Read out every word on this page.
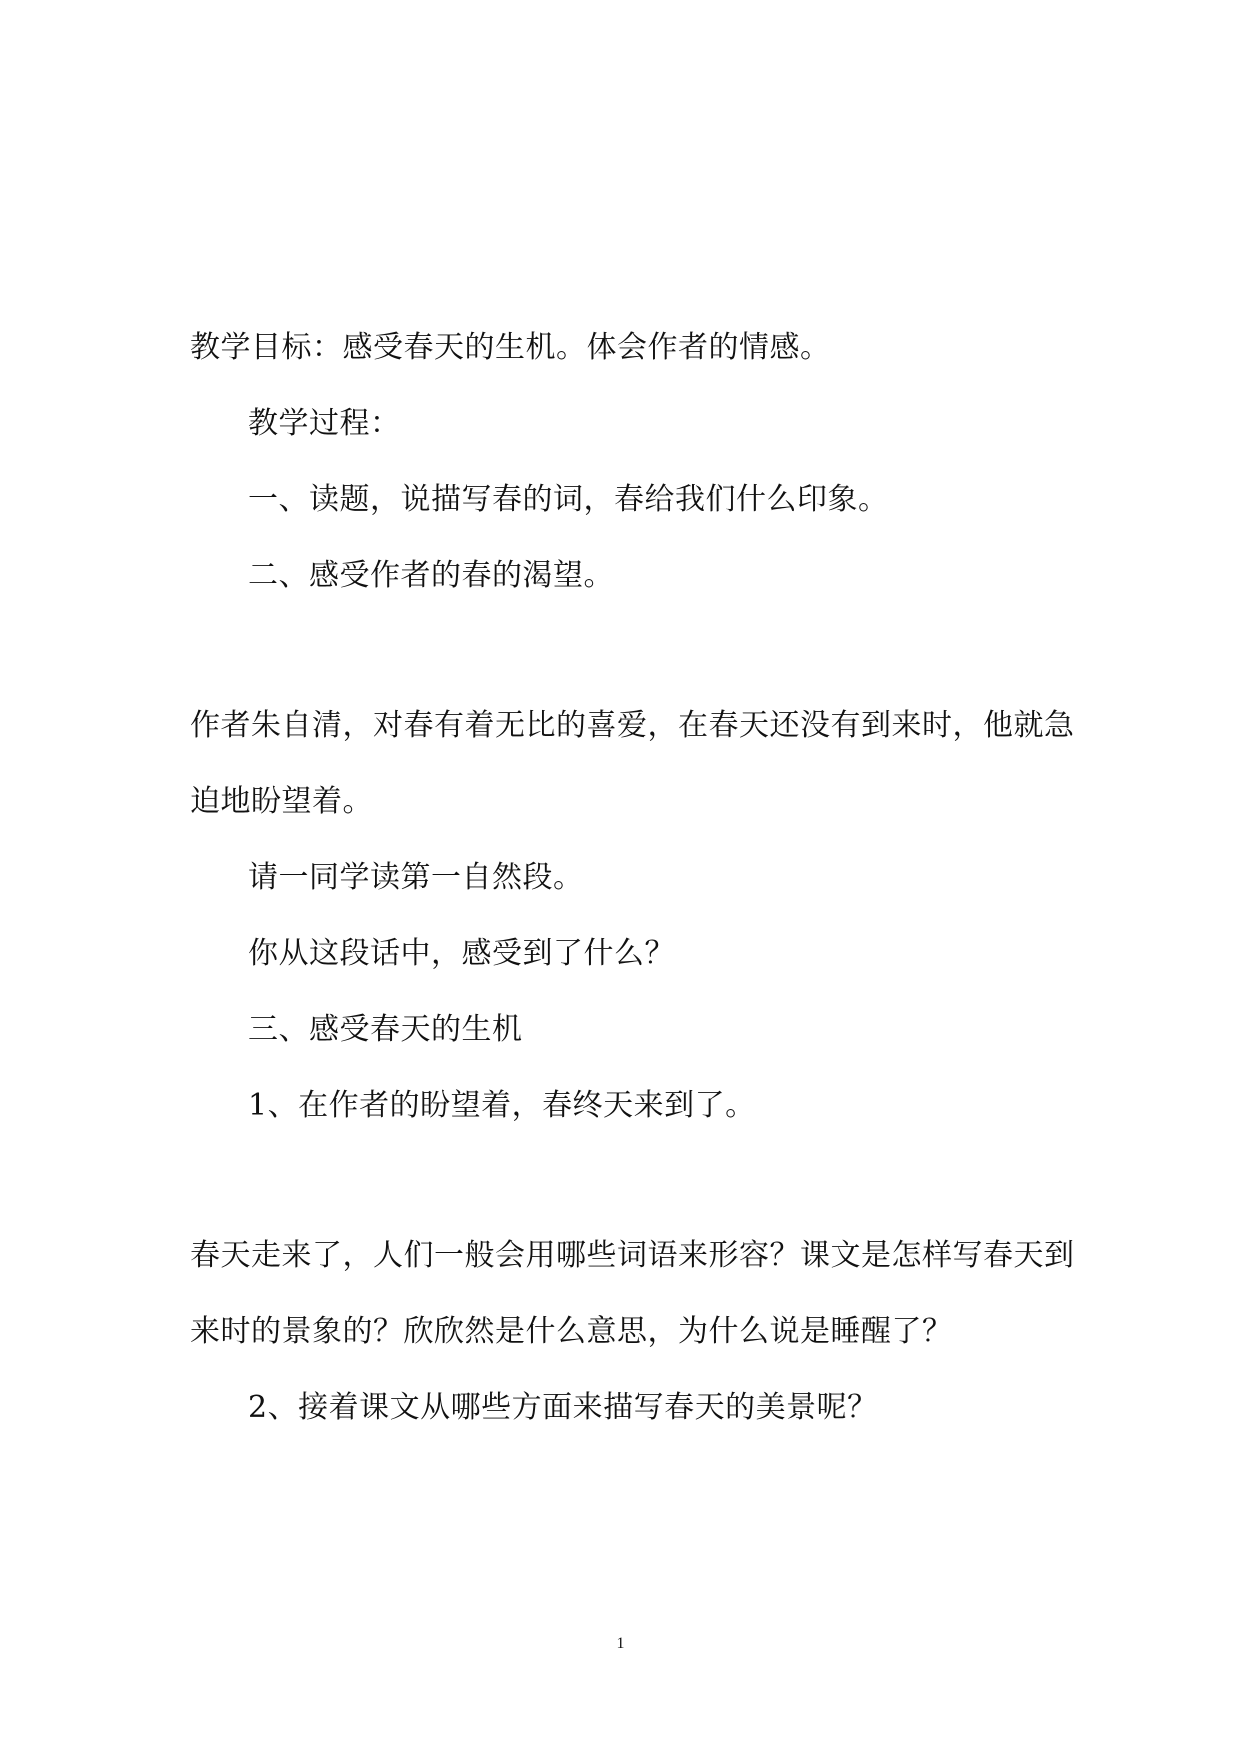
教学目标：感受春天的生机。体会作者的情感。
教学过程：
一、读题，说描写春的词，春给我们什么印象。
二、感受作者的春的渴望。
作者朱自清，对春有着无比的喜爱，在春天还没有到来时，他就急
迫地盼望着。
请一同学读第一自然段。
你从这段话中，感受到了什么？
三、感受春天的生机
1、在作者的盼望着，春终天来到了。
春天走来了，人们一般会用哪些词语来形容？课文是怎样写春天到
来时的景象的？欣欣然是什么意思，为什么说是睡醒了？
2、接着课文从哪些方面来描写春天的美景呢？
1
